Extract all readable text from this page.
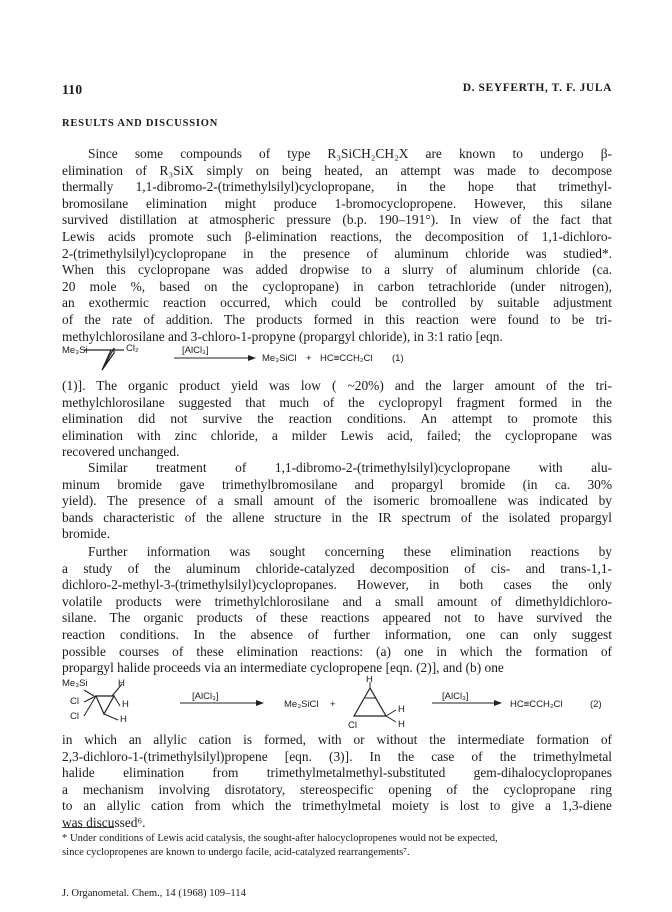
110	D. SEYFERTH, T. F. JULA
RESULTS AND DISCUSSION
Since some compounds of type R₃SiCH₂CH₂X are known to undergo β-
elimination of R₃SiX simply on being heated, an attempt was made to decompose
thermally 1,1-dibromo-2-(trimethylsilyl)cyclopropane, in the hope that trimethyl-
bromosilane elimination might produce 1-bromocyclopropene. However, this silane
survived distillation at atmospheric pressure (b.p. 190–191°). In view of the fact that
Lewis acids promote such β-elimination reactions, the decomposition of 1,1-dichloro-
2-(trimethylsilyl)cyclopropane in the presence of aluminum chloride was studied*.
When this cyclopropane was added dropwise to a slurry of aluminum chloride (ca.
20 mole %, based on the cyclopropane) in carbon tetrachloride (under nitrogen),
an exothermic reaction occurred, which could be controlled by suitable adjustment
of the rate of addition. The products formed in this reaction were found to be tri-
methylchlorosilane and 3-chloro-1-propyne (propargyl chloride), in 3:1 ratio [eqn.
Me₃Si	Cl₂	[AlCl₃]
Me₃SiCl + HC≡CCH₂Cl (1)
(1)]. The organic product yield was low ( ~20%) and the larger amount of the tri-
methylchlorosilane suggested that much of the cyclopropyl fragment formed in the
elimination did not survive the reaction conditions. An attempt to promote this
elimination with zinc chloride, a milder Lewis acid, failed; the cyclopropane was
recovered unchanged.
Similar treatment of 1,1-dibromo-2-(trimethylsilyl)cyclopropane with alu-
minum bromide gave trimethylbromosilane and propargyl bromide (in ca. 30%
yield). The presence of a small amount of the isomeric bromoallene was indicated by
bands characteristic of the allene structure in the IR spectrum of the isolated propargyl
bromide.
Further information was sought concerning these elimination reactions by
a study of the aluminum chloride-catalyzed decomposition of cis- and trans-1,1-
dichloro-2-methyl-3-(trimethylsilyl)cyclopropanes. However, in both cases the only
volatile products were trimethylchlorosilane and a small amount of dimethyldichloro-
silane. The organic products of these reactions appeared not to have survived the
reaction conditions. In the absence of further information, one can only suggest
possible courses of these elimination reactions: (a) one in which the formation of
propargyl halide proceeds via an intermediate cyclopropene [eqn. (2)], and (b) one
Me₃Si	H
Cl
Cl
H
H
[AlCl₃]
Me₃SiCl +
H
Cl
H
H
[AlCl₃]
HC≡CCH₂Cl	(2)
in which an allylic cation is formed, with or without the intermediate formation of
2,3-dichloro-1-(trimethylsilyl)propene [eqn. (3)]. In the case of the trimethylmetal
halide elimination from trimethylmetalmethyl-substituted gem-dihalocyclopropanes
a mechanism involving disrotatory, stereospecific opening of the cyclopropane ring
to an allylic cation from which the trimethylmetal moiety is lost to give a 1,3-diene
was discussed⁶.
* Under conditions of Lewis acid catalysis, the sought-after halocyclopropenes would not be expected,
since cyclopropenes are known to undergo facile, acid-catalyzed rearrangements⁷.
J. Organometal. Chem., 14 (1968) 109–114
